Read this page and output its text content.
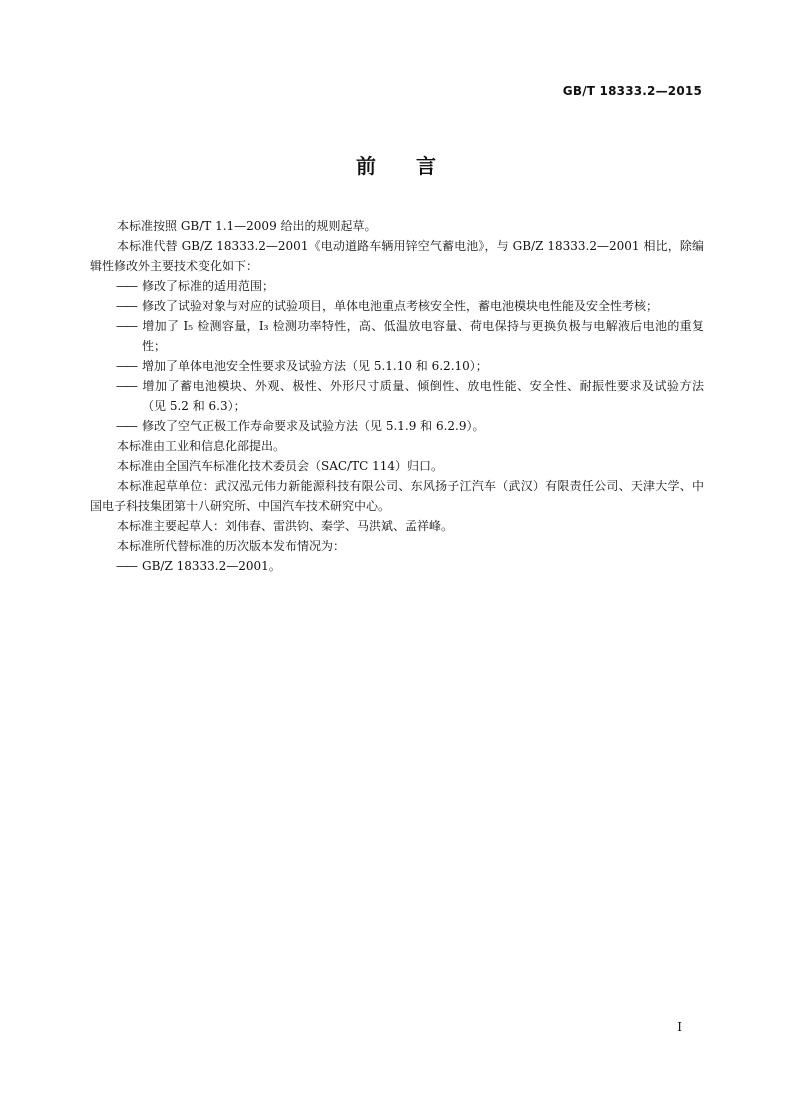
GB/T 18333.2—2015
前言

本标准按照 GB/T 1.1—2009 给出的规则起草。

本标准代替 GB/Z 18333.2—2001《电动道路车辆用锌空气蓄电池》，与 GB/Z 18333.2—2001 相比，除编辑性修改外主要技术变化如下：

—— 修改了标准的适用范围；

—— 修改了试验对象与对应的试验项目，单体电池重点考核安全性，蓄电池模块电性能及安全性考核；

—— 增加了 I₅ 检测容量，I₃ 检测功率特性，高、低温放电容量、荷电保持与更换负极与电解液后电池的重复性；

—— 增加了单体电池安全性要求及试验方法（见 5.1.10 和 6.2.10）；

—— 增加了蓄电池模块、外观、极性、外形尺寸质量、倾倒性、放电性能、安全性、耐振性要求及试验方法（见 5.2 和 6.3）；

—— 修改了空气正极工作寿命要求及试验方法（见 5.1.9 和 6.2.9）。

本标准由工业和信息化部提出。

本标准由全国汽车标准化技术委员会（SAC/TC 114）归口。

本标准起草单位：武汉泓元伟力新能源科技有限公司、东风扬子江汽车（武汉）有限责任公司、天津大学、中国电子科技集团第十八研究所、中国汽车技术研究中心。

本标准主要起草人：刘伟春、雷洪钧、秦学、马洪斌、孟祥峰。

本标准所代替标准的历次版本发布情况为：

—— GB/Z 18333.2—2001。

I
